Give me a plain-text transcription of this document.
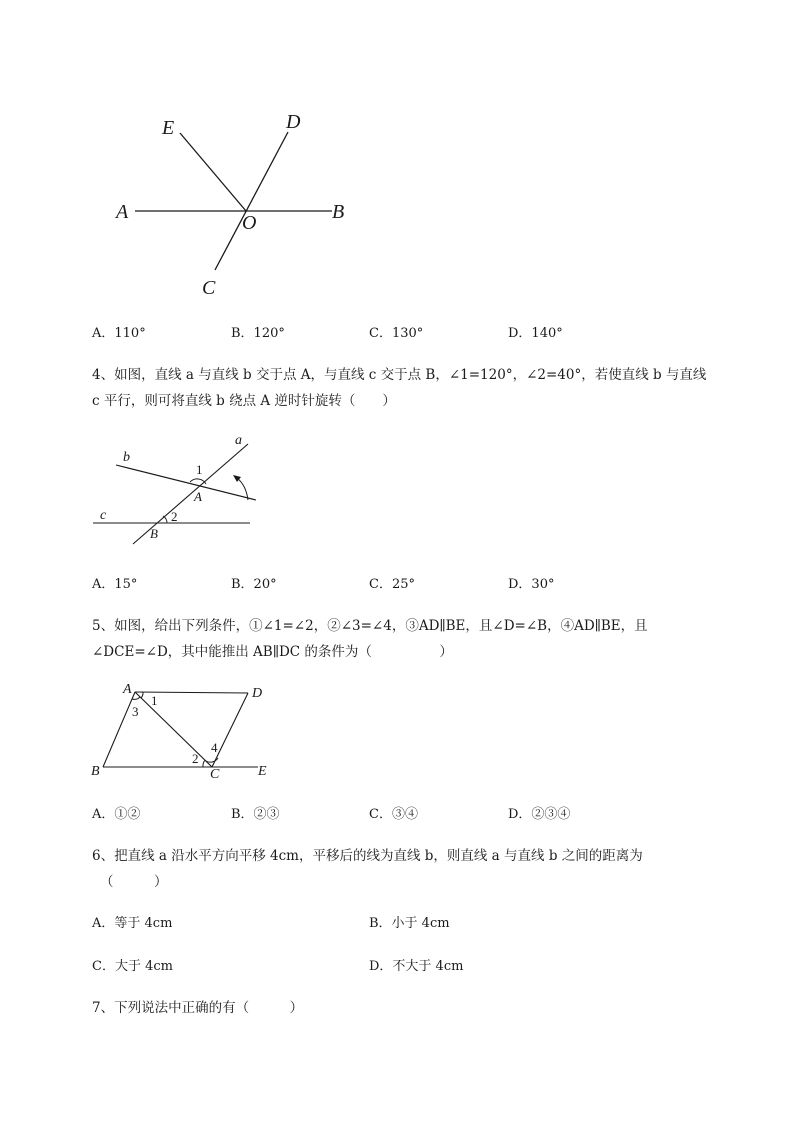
E	D
A	O	B
C
A．110°	B．120°	C．130°	D．140°
4、如图，直线 a 与直线 b 交于点 A，与直线 c 交于点 B，∠1=120°，∠2=40°，若使直线 b 与直线
c 平行，则可将直线 b 绕点 A 逆时针旋转（　　）
a
b
c
A
B
1
2
A．15°	B．20°	C．25°	D．30°
5、如图，给出下列条件，①∠1=∠2，②∠3=∠4，③AD∥BE，且∠D=∠B，④AD∥BE，且
∠DCE=∠D，其中能推出 AB∥DC 的条件为（　　　　　）
A	D
B	C	E
1
3
2
4
A．①②	B．②③	C．③④	D．②③④
6、把直线 a 沿水平方向平移 4cm，平移后的线为直线 b，则直线 a 与直线 b 之间的距离为
（　　　）
A．等于 4cm	B．小于 4cm
C．大于 4cm	D．不大于 4cm
7、下列说法中正确的有（　　　）
